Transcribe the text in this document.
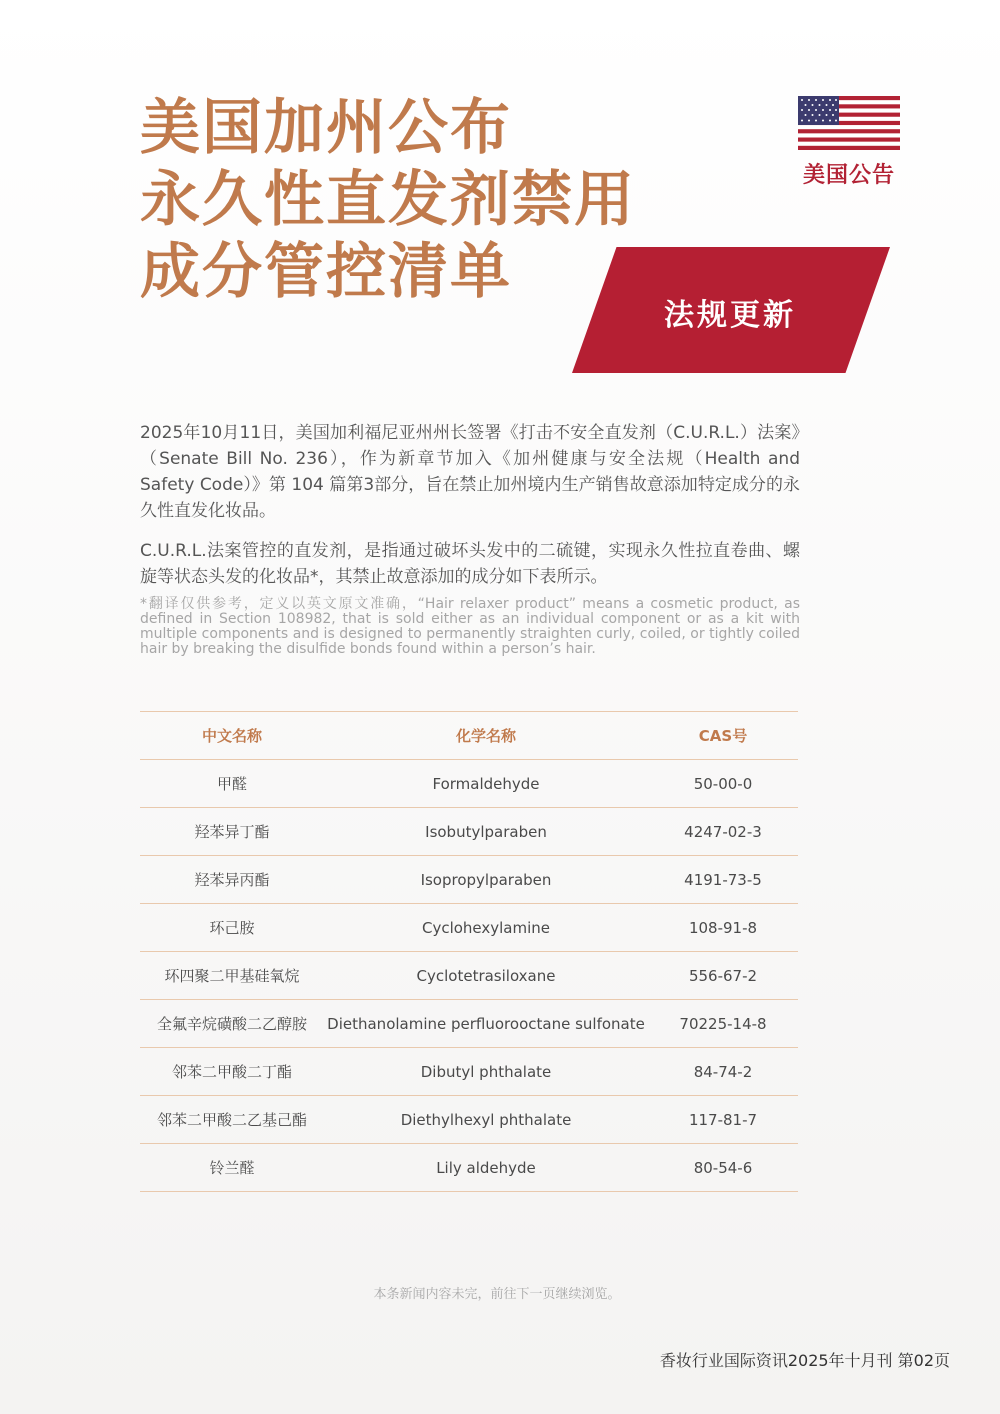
美国加州公布
永久性直发剂禁用
成分管控清单
美国公告
法规更新

2025年10月11日，美国加利福尼亚州州长签署《打击不安全直发剂（C.U.R.L.）法案》（Senate Bill No. 236），作为新章节加入《加州健康与安全法规（Health and Safety Code）》第 104 篇第3部分，旨在禁止加州境内生产销售故意添加特定成分的永久性直发化妆品。

C.U.R.L.法案管控的直发剂，是指通过破坏头发中的二硫键，实现永久性拉直卷曲、螺旋等状态头发的化妆品*，其禁止故意添加的成分如下表所示。

*翻译仅供参考，定义以英文原文准确，“Hair relaxer product” means a cosmetic product, as defined in Section 108982, that is sold either as an individual component or as a kit with multiple components and is designed to permanently straighten curly, coiled, or tightly coiled hair by breaking the disulfide bonds found within a person’s hair.

中文名称	化学名称	CAS号
甲醛	Formaldehyde	50-00-0
羟苯异丁酯	Isobutylparaben	4247-02-3
羟苯异丙酯	Isopropylparaben	4191-73-5
环己胺	Cyclohexylamine	108-91-8
环四聚二甲基硅氧烷	Cyclotetrasiloxane	556-67-2
全氟辛烷磺酸二乙醇胺	Diethanolamine perfluorooctane sulfonate	70225-14-8
邻苯二甲酸二丁酯	Dibutyl phthalate	84-74-2
邻苯二甲酸二乙基己酯	Diethylhexyl phthalate	117-81-7
铃兰醛	Lily aldehyde	80-54-6
本条新闻内容未完，前往下一页继续浏览。
香妆行业国际资讯2025年十月刊 第02页
